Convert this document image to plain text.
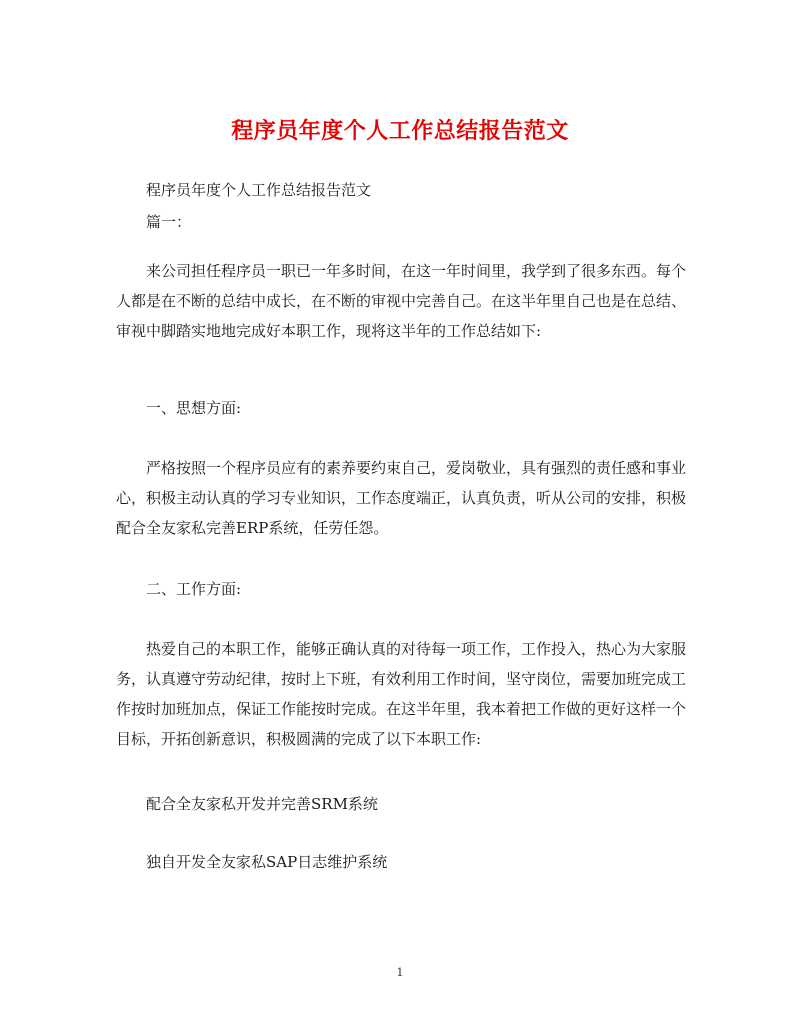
程序员年度个人工作总结报告范文
程序员年度个人工作总结报告范文
篇一：
来公司担任程序员一职已一年多时间，在这一年时间里，我学到了很多东西。每个人都是在不断的总结中成长，在不断的审视中完善自己。在这半年里自己也是在总结、审视中脚踏实地地完成好本职工作，现将这半年的工作总结如下:
一、思想方面:
严格按照一个程序员应有的素养要约束自己，爱岗敬业，具有强烈的责任感和事业心，积极主动认真的学习专业知识，工作态度端正，认真负责，听从公司的安排，积极配合全友家私完善ERP系统，任劳任怨。
二、工作方面:
热爱自己的本职工作，能够正确认真的对待每一项工作，工作投入，热心为大家服务，认真遵守劳动纪律，按时上下班，有效利用工作时间，坚守岗位，需要加班完成工作按时加班加点，保证工作能按时完成。在这半年里，我本着把工作做的更好这样一个目标，开拓创新意识，积极圆满的完成了以下本职工作:
配合全友家私开发并完善SRM系统
独自开发全友家私SAP日志维护系统
1
